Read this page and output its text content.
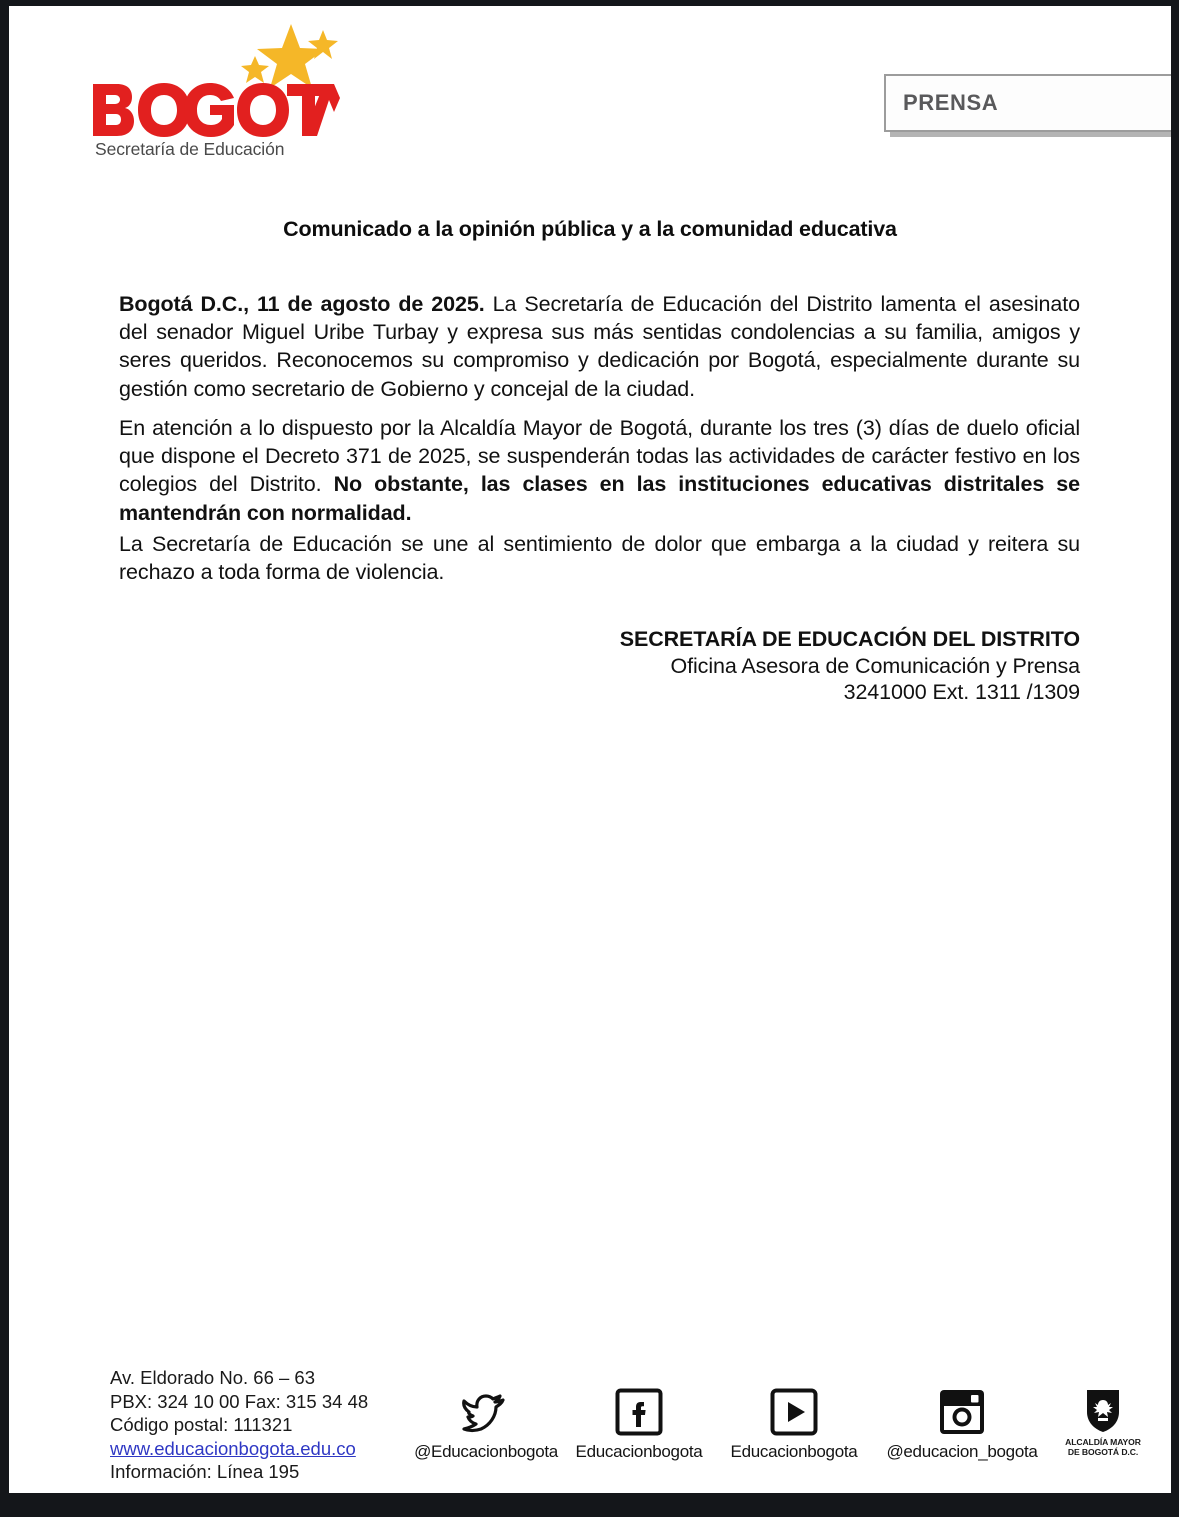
Secretaría de Educación
PRENSA
Comunicado a la opinión pública y a la comunidad educativa
Bogotá D.C., 11 de agosto de 2025. La Secretaría de Educación del Distrito lamenta el asesinato del senador Miguel Uribe Turbay y expresa sus más sentidas condolencias a su familia, amigos y seres queridos. Reconocemos su compromiso y dedicación por Bogotá, especialmente durante su gestión como secretario de Gobierno y concejal de la ciudad.
En atención a lo dispuesto por la Alcaldía Mayor de Bogotá, durante los tres (3) días de duelo oficial que dispone el Decreto 371 de 2025, se suspenderán todas las actividades de carácter festivo en los colegios del Distrito. No obstante, las clases en las instituciones educativas distritales se mantendrán con normalidad.
La Secretaría de Educación se une al sentimiento de dolor que embarga a la ciudad y reitera su rechazo a toda forma de violencia.
SECRETARÍA DE EDUCACIÓN DEL DISTRITO
Oficina Asesora de Comunicación y Prensa
3241000 Ext. 1311 /1309
Av. Eldorado No. 66 – 63
PBX: 324 10 00 Fax: 315 34 48
Código postal: 111321
www.educacionbogota.edu.co
Información: Línea 195
@Educacionbogota	Educacionbogota	Educacionbogota	@educacion_bogota	ALCALDÍA MAYOR
DE BOGOTÁ D.C.
